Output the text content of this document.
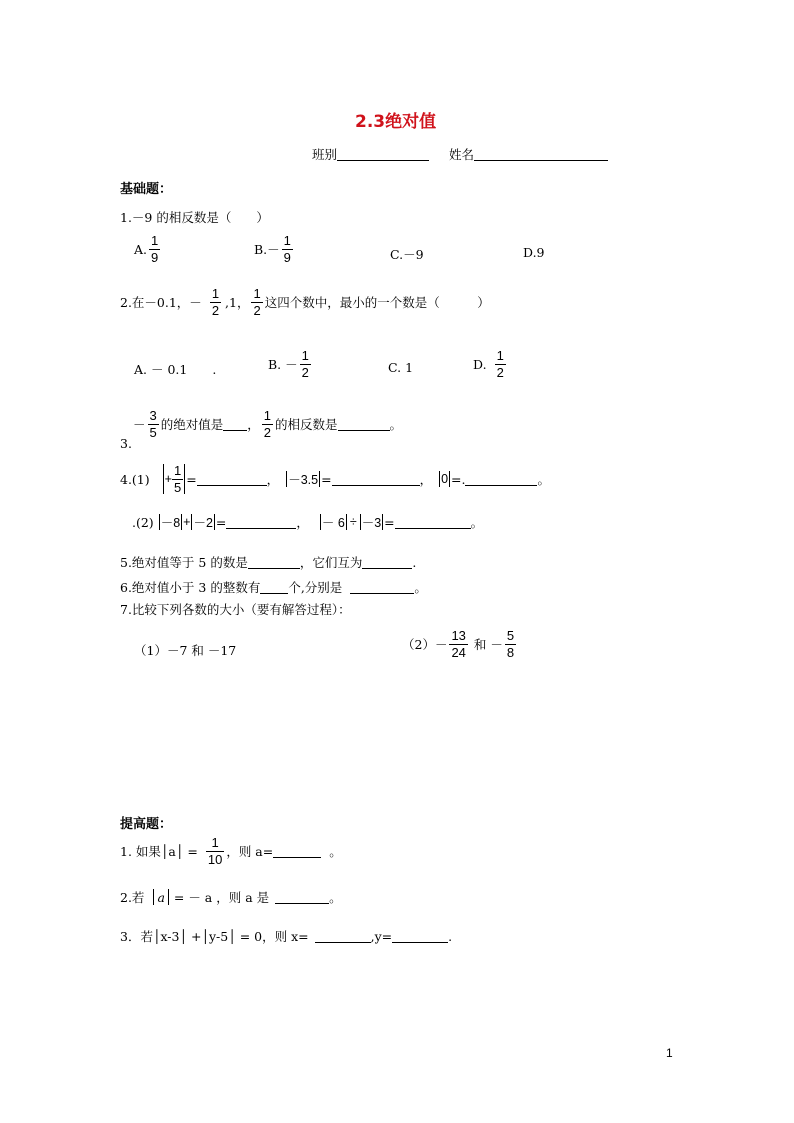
2.3绝对值
班别	姓名
基础题：
1.－9 的相反数是（　　）
A. $\frac{1}{9}$	$B.- \frac{1}{9}$	C.－9	D.9
2.在－0.1，－ $\frac{1}{2} ,1$， $\frac{1}{2}$ 这四个数中，最小的一个数是（　　　）
A. － 0.1　　.	B. － $\frac{1}{2}$	C. 1	D. $\frac{1}{2}$
－ $\frac{3}{5}$ 的绝对值是 ， $\frac{1}{2}$ 的相反数是	。
3.
$4.(1) + \frac{1}{5}$ =	， －3.5 =	， 0 =.	。
.(2) －8 + －2 =	， － 6 ÷ －3 =	。
5.绝对值等于 5 的数是	，它们互为	.
6.绝对值小于 3 的整数有 个,分别是	。
7.比较下列各数的大小（要有解答过程）：
（1）－7 和 －17	$(2)- \frac{13}{24}$ 和 － $\frac{5}{8}$
提高题：
1. 如果│a│ = $\frac{1}{10}$ ，则 a=	。
2.若 a = － a ，则 a 是	。
3．若│x-3│ +│y-5│ = 0，则 x=	,y=	.
1
